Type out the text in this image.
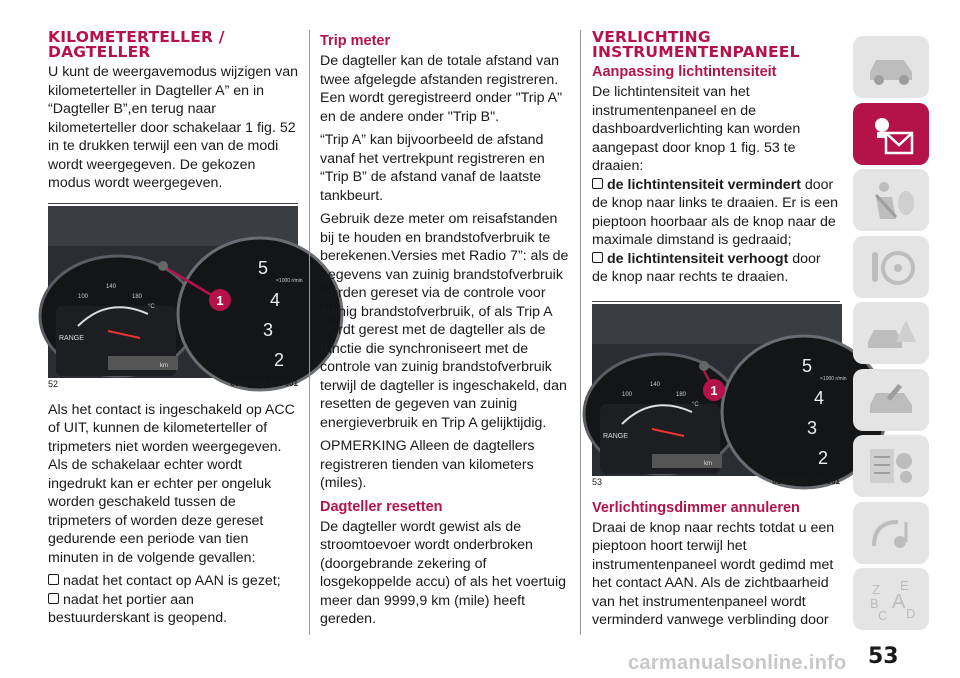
KILOMETERTELLER / DAGTELLER

U kunt de weergavemodus wijzigen van kilometerteller in Dagteller A” en in “Dagteller B”,en terug naar kilometerteller door schakelaar 1 fig. 52 in te drukken terwijl een van de modi wordt weergegeven. De gekozen modus wordt weergegeven.

RANGE
km
100
140
180
°C
5
4
3
2
×1000 r/min
1
52	05020102-121-001

Als het contact is ingeschakeld op ACC of UIT, kunnen de kilometerteller of tripmeters niet worden weergegeven. Als de schakelaar echter wordt ingedrukt kan er echter per ongeluk worden geschakeld tussen de tripmeters of worden deze gereset gedurende een periode van tien minuten in de volgende gevallen:

nadat het contact op AAN is gezet;
nadat het portier aan bestuurderskant is geopend.
Trip meter

De dagteller kan de totale afstand van twee afgelegde afstanden registreren. Een wordt geregistreerd onder "Trip A" en de andere onder "Trip B".

“Trip A” kan bijvoorbeeld de afstand vanaf het vertrekpunt registreren en “Trip B” de afstand vanaf de laatste tankbeurt.

Gebruik deze meter om reisafstanden bij te houden en brandstofverbruik te berekenen.Versies met Radio 7”: als de gegevens van zuinig brandstofverbruik worden gereset via de controle voor zuinig brandstofverbruik, of als Trip A wordt gerest met de dagteller als de functie die synchroniseert met de controle van zuinig brandstofverbruik terwijl de dagteller is ingeschakeld, dan resetten de gegeven van zuinig energieverbruik en Trip A gelijktijdig.

OPMERKING Alleen de dagtellers registreren tienden van kilometers (miles).

Dagteller resetten

De dagteller wordt gewist als de stroomtoevoer wordt onderbroken (doorgebrande zekering of losgekoppelde accu) of als het voertuig meer dan 9999,9 km (mile) heeft gereden.

VERLICHTING INSTRUMENTENPANEEL
Aanpassing lichtintensiteit

De lichtintensiteit van het instrumentenpaneel en de dashboardverlichting kan worden aangepast door knop 1 fig. 53 te draaien:

de lichtintensiteit vermindert door de knop naar links te draaien. Er is een pieptoon hoorbaar als de knop naar de maximale dimstand is gedraaid;
de lichtintensiteit verhoogt door de knop naar rechts te draaien.
RANGE
km
100
140
180
°C
5
4
3
2
×1000 r/min
1
53	05020102-121-001
Verlichtingsdimmer annuleren

Draai de knop naar rechts totdat u een pieptoon hoort terwijl het instrumentenpaneel wordt gedimd met het contact AAN. Als de zichtbaarheid van het instrumentenpaneel wordt verminderd vanwege verblinding door

Z E
B A
C D
carmanualsonline.info 53
